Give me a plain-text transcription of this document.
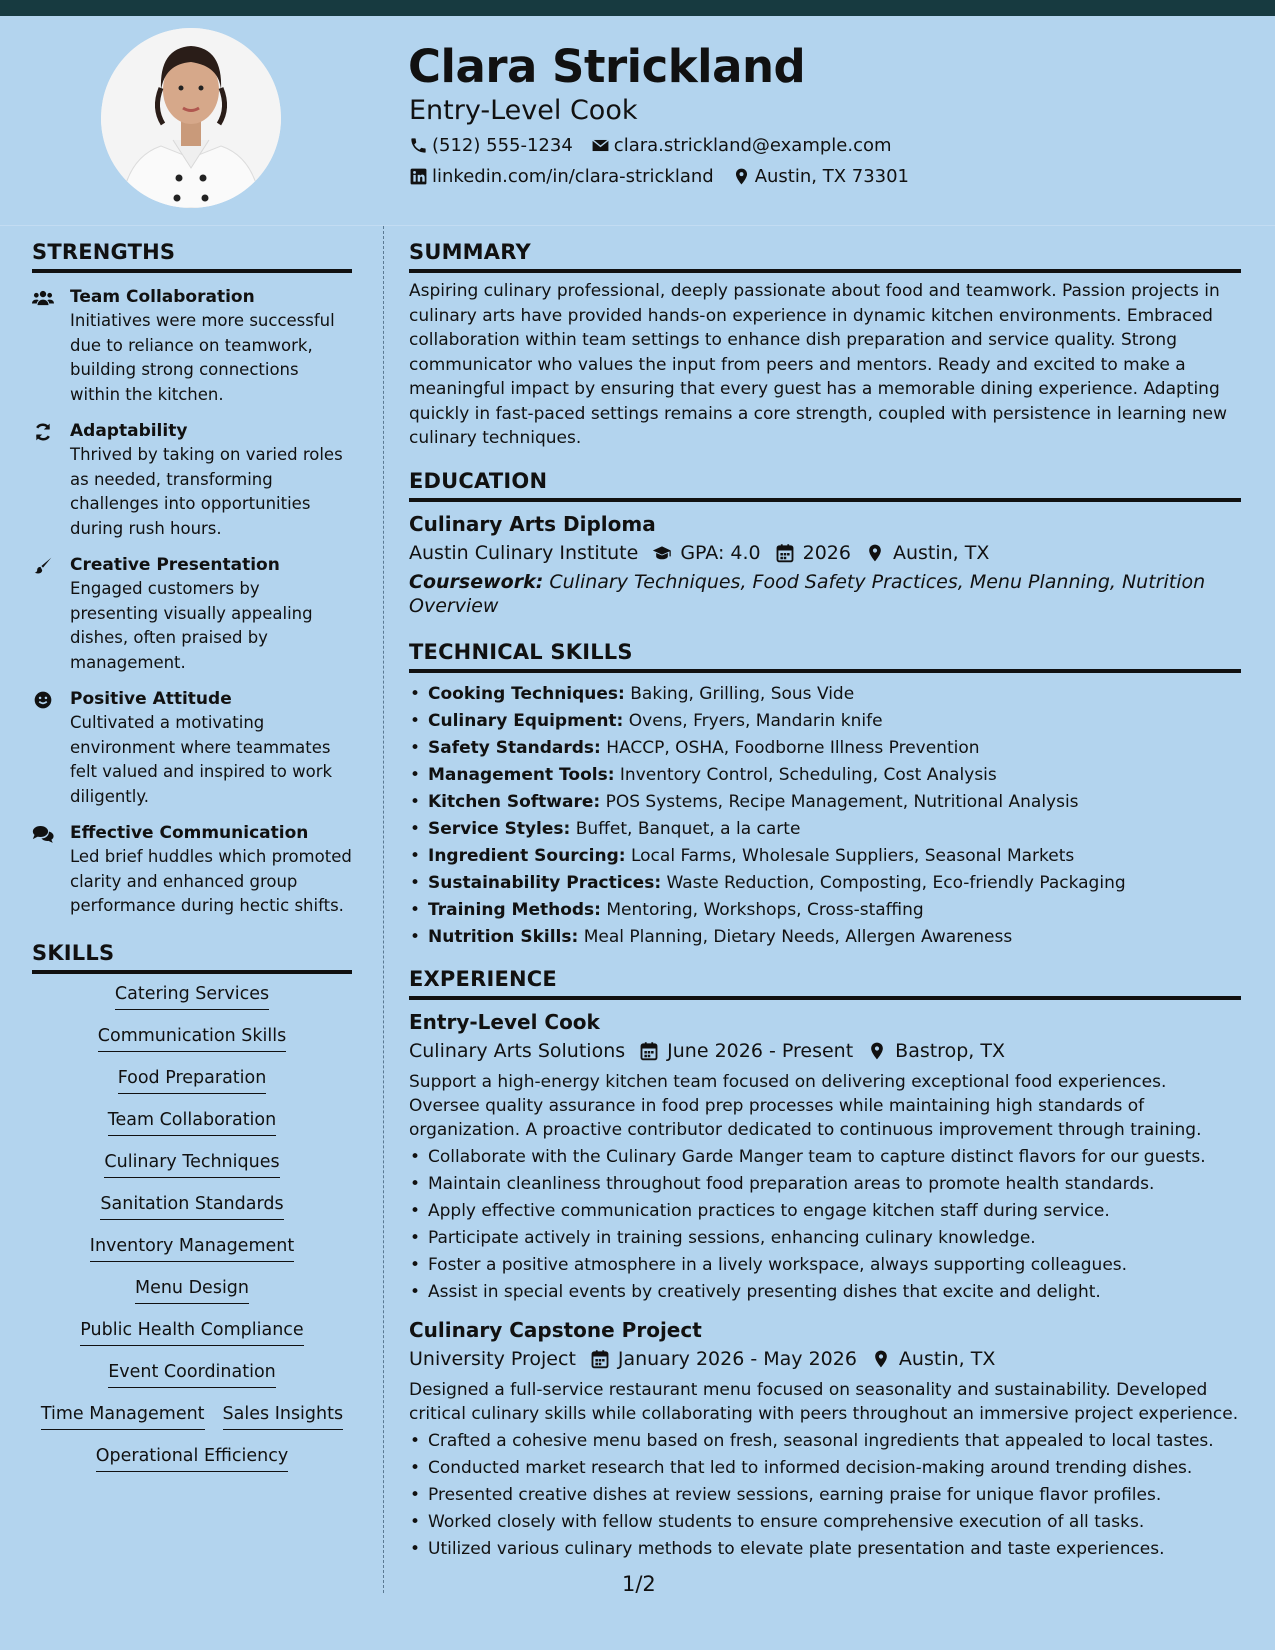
Clara Strickland
Entry-Level Cook
(512) 555-1234 clara.strickland@example.com
linkedin.com/in/clara-strickland Austin, TX 73301
STRENGTHS
Team Collaboration
Initiatives were more successful due to reliance on teamwork, building strong connections within the kitchen.
Adaptability
Thrived by taking on varied roles as needed, transforming challenges into opportunities during rush hours.
Creative Presentation
Engaged customers by presenting visually appealing dishes, often praised by management.
Positive Attitude
Cultivated a motivating environment where teammates felt valued and inspired to work diligently.
Effective Communication
Led brief huddles which promoted clarity and enhanced group performance during hectic shifts.
SKILLS
Catering Services
Communication Skills
Food Preparation
Team Collaboration
Culinary Techniques
Sanitation Standards
Inventory Management
Menu Design
Public Health Compliance
Event Coordination
Time Management Sales Insights
Operational Efficiency
SUMMARY
Aspiring culinary professional, deeply passionate about food and teamwork. Passion projects in culinary arts have provided hands-on experience in dynamic kitchen environments. Embraced collaboration within team settings to enhance dish preparation and service quality. Strong communicator who values the input from peers and mentors. Ready and excited to make a meaningful impact by ensuring that every guest has a memorable dining experience. Adapting quickly in fast-paced settings remains a core strength, coupled with persistence in learning new culinary techniques.
EDUCATION
Culinary Arts Diploma
Austin Culinary Institute GPA: 4.0 2026 Austin, TX
Coursework: Culinary Techniques, Food Safety Practices, Menu Planning, Nutrition Overview
TECHNICAL SKILLS
• Cooking Techniques: Baking, Grilling, Sous Vide
• Culinary Equipment: Ovens, Fryers, Mandarin knife
• Safety Standards: HACCP, OSHA, Foodborne Illness Prevention
• Management Tools: Inventory Control, Scheduling, Cost Analysis
• Kitchen Software: POS Systems, Recipe Management, Nutritional Analysis
• Service Styles: Buffet, Banquet, a la carte
• Ingredient Sourcing: Local Farms, Wholesale Suppliers, Seasonal Markets
• Sustainability Practices: Waste Reduction, Composting, Eco-friendly Packaging
• Training Methods: Mentoring, Workshops, Cross-staffing
• Nutrition Skills: Meal Planning, Dietary Needs, Allergen Awareness
EXPERIENCE
Entry-Level Cook
Culinary Arts Solutions June 2026 - Present Bastrop, TX
Support a high-energy kitchen team focused on delivering exceptional food experiences. Oversee quality assurance in food prep processes while maintaining high standards of organization. A proactive contributor dedicated to continuous improvement through training.
• Collaborate with the Culinary Garde Manger team to capture distinct flavors for our guests.
• Maintain cleanliness throughout food preparation areas to promote health standards.
• Apply effective communication practices to engage kitchen staff during service.
• Participate actively in training sessions, enhancing culinary knowledge.
• Foster a positive atmosphere in a lively workspace, always supporting colleagues.
• Assist in special events by creatively presenting dishes that excite and delight.
Culinary Capstone Project
University Project January 2026 - May 2026 Austin, TX
Designed a full-service restaurant menu focused on seasonality and sustainability. Developed critical culinary skills while collaborating with peers throughout an immersive project experience.
• Crafted a cohesive menu based on fresh, seasonal ingredients that appealed to local tastes.
• Conducted market research that led to informed decision-making around trending dishes.
• Presented creative dishes at review sessions, earning praise for unique flavor profiles.
• Worked closely with fellow students to ensure comprehensive execution of all tasks.
• Utilized various culinary methods to elevate plate presentation and taste experiences.
1/2
